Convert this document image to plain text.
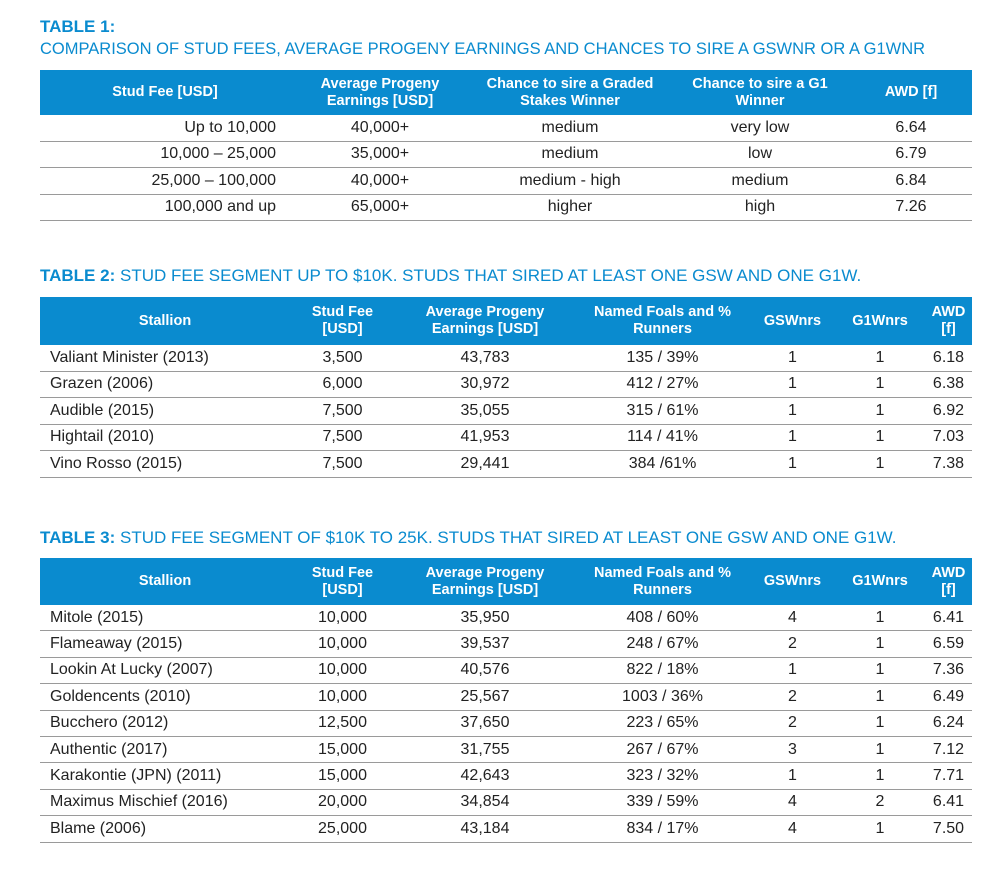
TABLE 1:
COMPARISON OF STUD FEES, AVERAGE PROGENY EARNINGS AND CHANCES TO SIRE A GSWNR OR A G1WNR
Stud Fee [USD]	Average Progeny Earnings [USD]	Chance to sire a Graded Stakes Winner	Chance to sire a G1 Winner	AWD [f]
Up to 10,000	40,000+	medium	very low	6.64
10,000 – 25,000	35,000+	medium	low	6.79
25,000 – 100,000	40,000+	medium - high	medium	6.84
100,000 and up	65,000+	higher	high	7.26
TABLE 2: STUD FEE SEGMENT UP TO $10K. STUDS THAT SIRED AT LEAST ONE GSW AND ONE G1W.
Stallion	Stud Fee [USD]	Average Progeny Earnings [USD]	Named Foals and % Runners	GSWnrs	G1Wnrs	AWD [f]
Valiant Minister (2013)	3,500	43,783	135 / 39%	1	1	6.18
Grazen (2006)	6,000	30,972	412 / 27%	1	1	6.38
Audible (2015)	7,500	35,055	315 / 61%	1	1	6.92
Hightail (2010)	7,500	41,953	114 / 41%	1	1	7.03
Vino Rosso (2015)	7,500	29,441	384 /61%	1	1	7.38
TABLE 3: STUD FEE SEGMENT OF $10K TO 25K. STUDS THAT SIRED AT LEAST ONE GSW AND ONE G1W.
Stallion	Stud Fee [USD]	Average Progeny Earnings [USD]	Named Foals and % Runners	GSWnrs	G1Wnrs	AWD [f]
Mitole (2015)	10,000	35,950	408 / 60%	4	1	6.41
Flameaway (2015)	10,000	39,537	248 / 67%	2	1	6.59
Lookin At Lucky (2007)	10,000	40,576	822 / 18%	1	1	7.36
Goldencents (2010)	10,000	25,567	1003 / 36%	2	1	6.49
Bucchero (2012)	12,500	37,650	223 / 65%	2	1	6.24
Authentic (2017)	15,000	31,755	267 / 67%	3	1	7.12
Karakontie (JPN) (2011)	15,000	42,643	323 / 32%	1	1	7.71
Maximus Mischief (2016)	20,000	34,854	339 / 59%	4	2	6.41
Blame (2006)	25,000	43,184	834 / 17%	4	1	7.50
